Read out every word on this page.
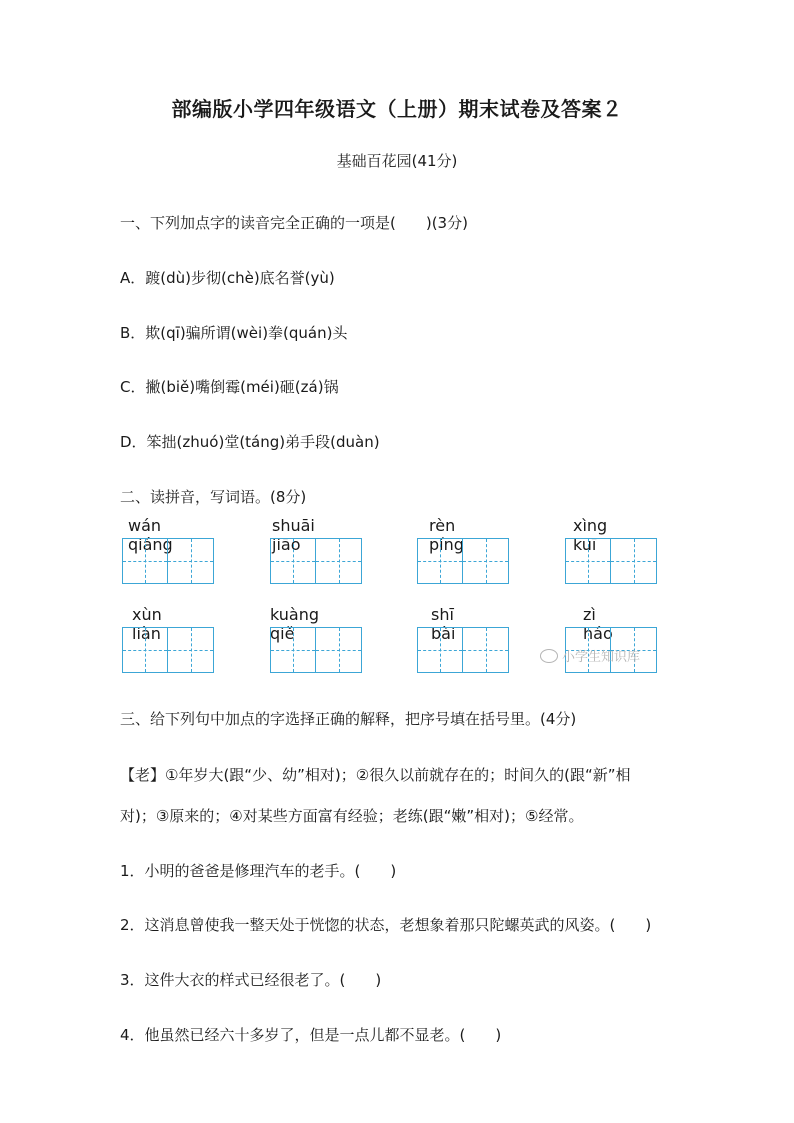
部编版小学四年级语文（上册）期末试卷及答案２
基础百花园(41分)
一、下列加点字的读音完全正确的一项是(　　)(3分)
A．踱(dù)步彻(chè)底名誉(yù)
B．欺(qī)骗所谓(wèi)拳(quán)头
C．撇(biě)嘴倒霉(méi)砸(zá)锅
D．笨拙(zhuó)堂(táng)弟手段(duàn)
二、读拼音，写词语。(8分)
wán qiáng
shuāi jiāo
rèn píng
xìng kuī
xùn liàn
kuàng qiě
shī bài
zì háo
小学生知识库
三、给下列句中加点的字选择正确的解释，把序号填在括号里。(4分)
【老】①年岁大(跟“少、幼”相对)；②很久以前就存在的；时间久的(跟“新”相
对)；③原来的；④对某些方面富有经验；老练(跟“嫩”相对)；⑤经常。
1．小明的爸爸是修理汽车的老手。(　　)
2．这消息曾使我一整天处于恍惚的状态，老想象着那只陀螺英武的风姿。(　　)
3．这件大衣的样式已经很老了。(　　)
4．他虽然已经六十多岁了，但是一点儿都不显老。(　　)
